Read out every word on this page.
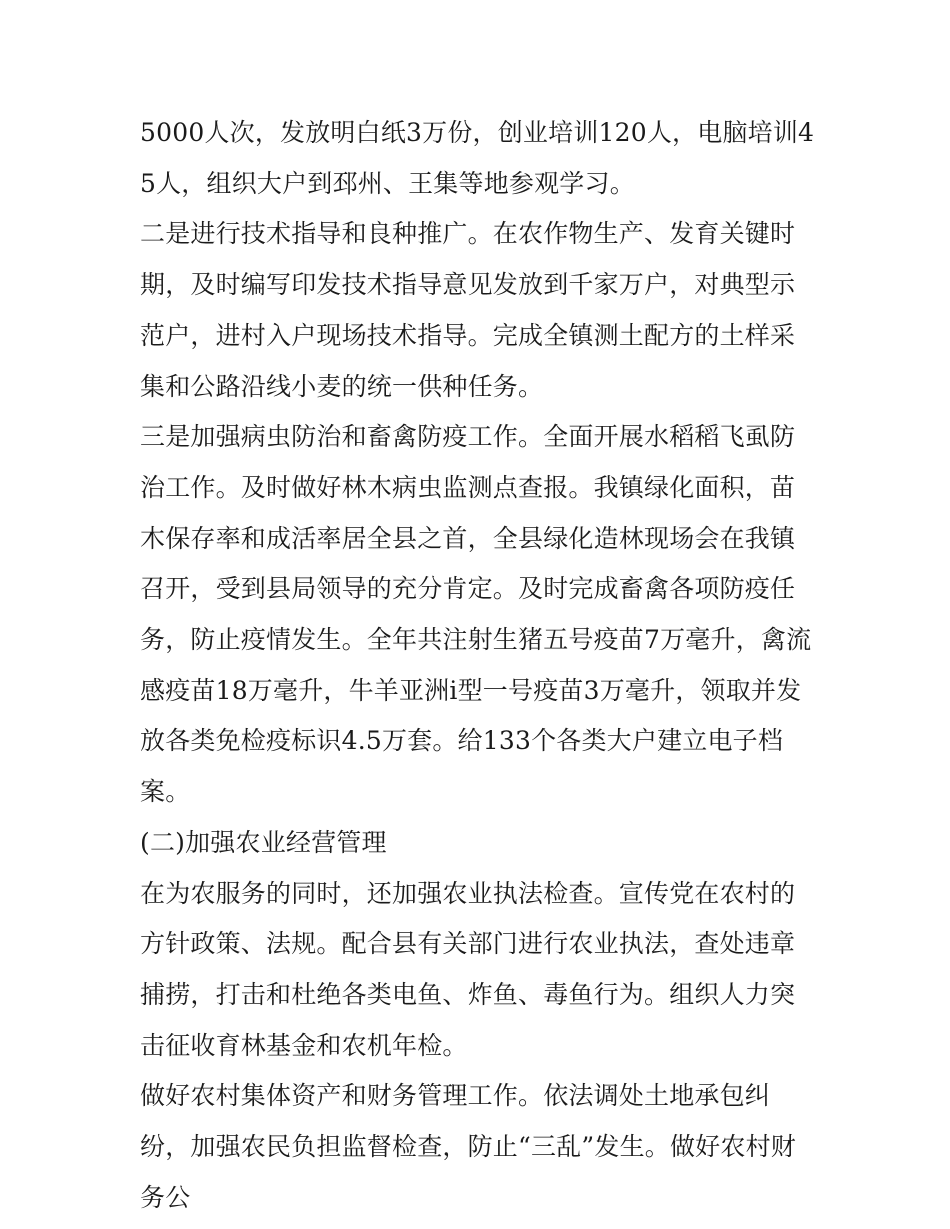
5000人次，发放明白纸3万份，创业培训120人，电脑培训45人，组织大户到邳州、王集等地参观学习。

二是进行技术指导和良种推广。在农作物生产、发育关键时期，及时编写印发技术指导意见发放到千家万户，对典型示范户，进村入户现场技术指导。完成全镇测土配方的土样采集和公路沿线小麦的统一供种任务。

三是加强病虫防治和畜禽防疫工作。全面开展水稻稻飞虱防治工作。及时做好林木病虫监测点查报。我镇绿化面积，苗木保存率和成活率居全县之首，全县绿化造林现场会在我镇召开，受到县局领导的充分肯定。及时完成畜禽各项防疫任务，防止疫情发生。全年共注射生猪五号疫苗7万毫升，禽流感疫苗18万毫升，牛羊亚洲i型一号疫苗3万毫升，领取并发放各类免检疫标识4.5万套。给133个各类大户建立电子档案。

(二)加强农业经营管理

在为农服务的同时，还加强农业执法检查。宣传党在农村的方针政策、法规。配合县有关部门进行农业执法，查处违章捕捞，打击和杜绝各类电鱼、炸鱼、毒鱼行为。组织人力突击征收育林基金和农机年检。

做好农村集体资产和财务管理工作。依法调处土地承包纠纷，加强农民负担监督检查，防止“三乱”发生。做好农村财务公
